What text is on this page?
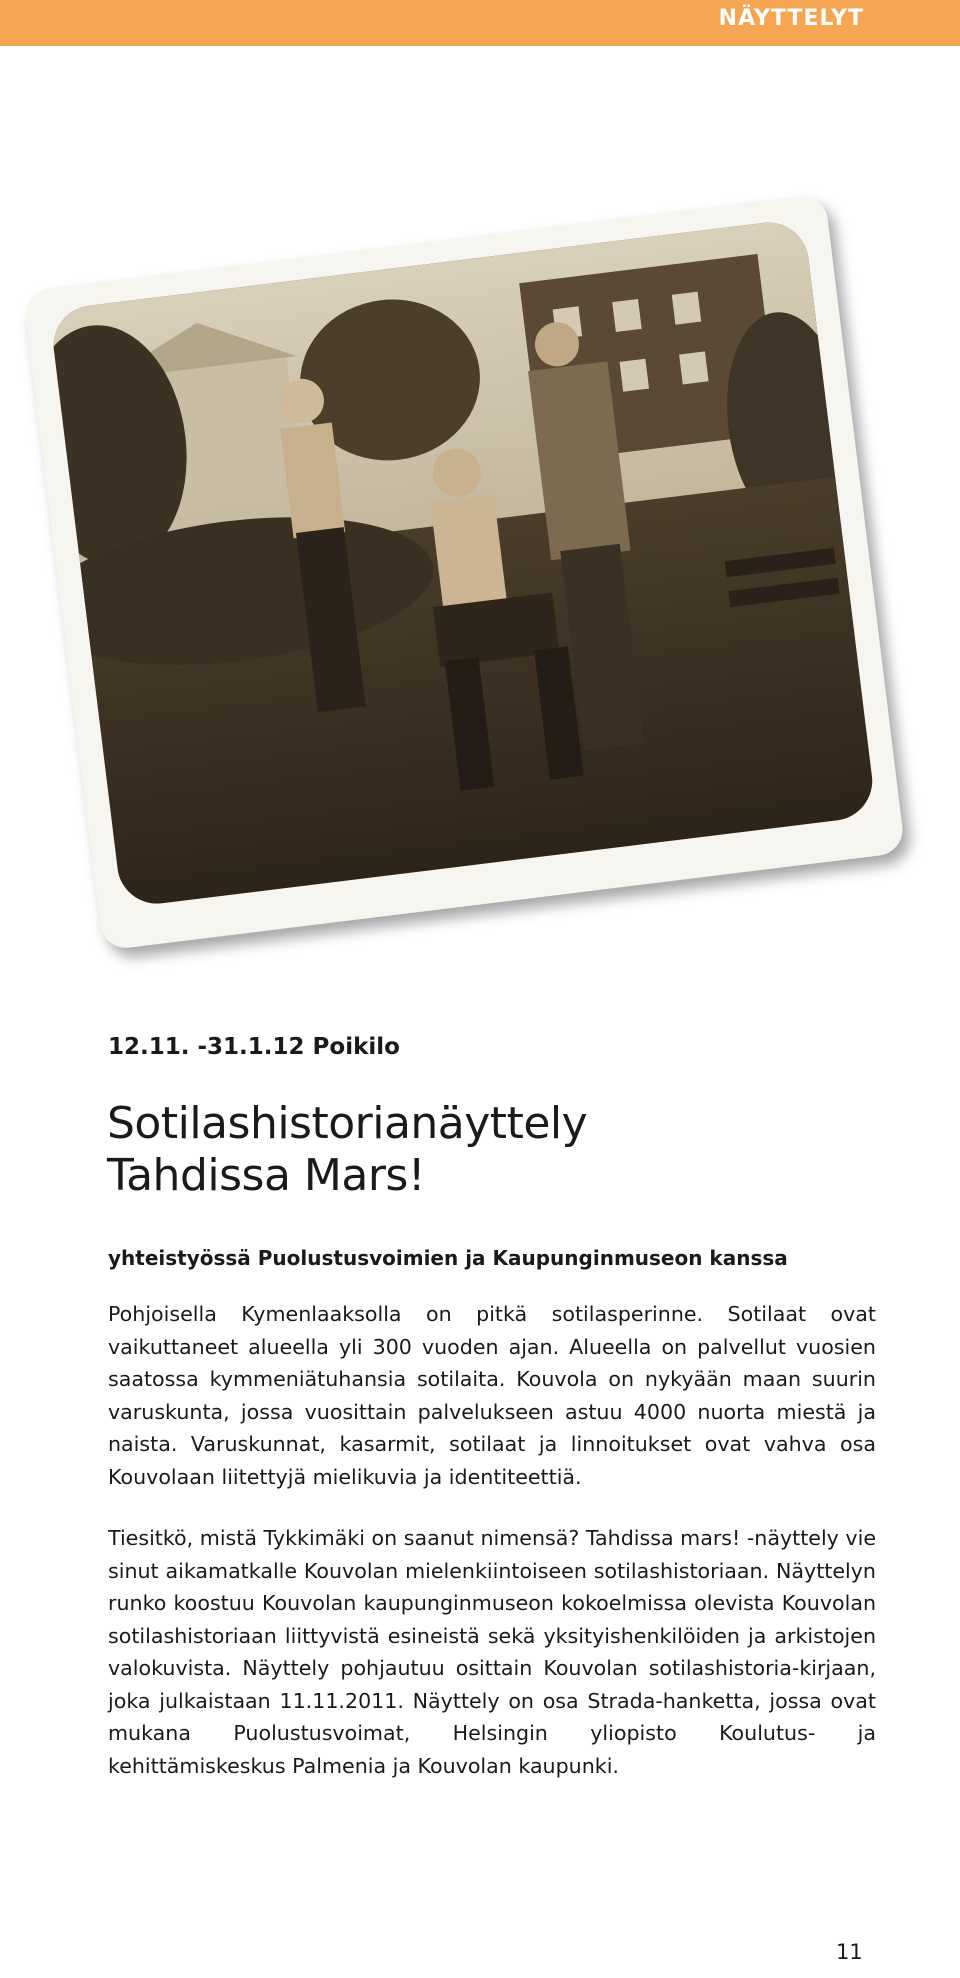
NÄYTTELYT
12.11. -31.1.12 Poikilo
Sotilashistorianäyttely
Tahdissa Mars!
yhteistyössä Puolustusvoimien ja Kaupunginmuseon kanssa

Pohjoisella Kymenlaaksolla on pitkä sotilasperinne. Sotilaat ovat vaikuttaneet alueella yli 300 vuoden ajan. Alueella on palvellut vuosien saatossa kymmeniätuhansia sotilaita. Kouvola on nykyään maan suurin varuskunta, jossa vuosittain palvelukseen astuu 4000 nuorta miestä ja naista. Varuskunnat, kasarmit, sotilaat ja linnoitukset ovat vahva osa Kouvolaan liitettyjä mielikuvia ja identiteettiä.

Tiesitkö, mistä Tykkimäki on saanut nimensä? Tahdissa mars! -näyttely vie sinut aikamatkalle Kouvolan mielenkiintoiseen sotilashistoriaan. Näyttelyn runko koostuu Kouvolan kaupunginmuseon kokoelmissa olevista Kouvolan sotilashistoriaan liittyvistä esineistä sekä yksityishenkilöiden ja arkistojen valokuvista. Näyttely pohjautuu osittain Kouvolan sotilashistoria-kirjaan, joka julkaistaan 11.11.2011. Näyttely on osa Strada-hanketta, jossa ovat mukana Puolustusvoimat, Helsingin yliopisto Koulutus- ja kehittämiskeskus Palmenia ja Kouvolan kaupunki.

11
